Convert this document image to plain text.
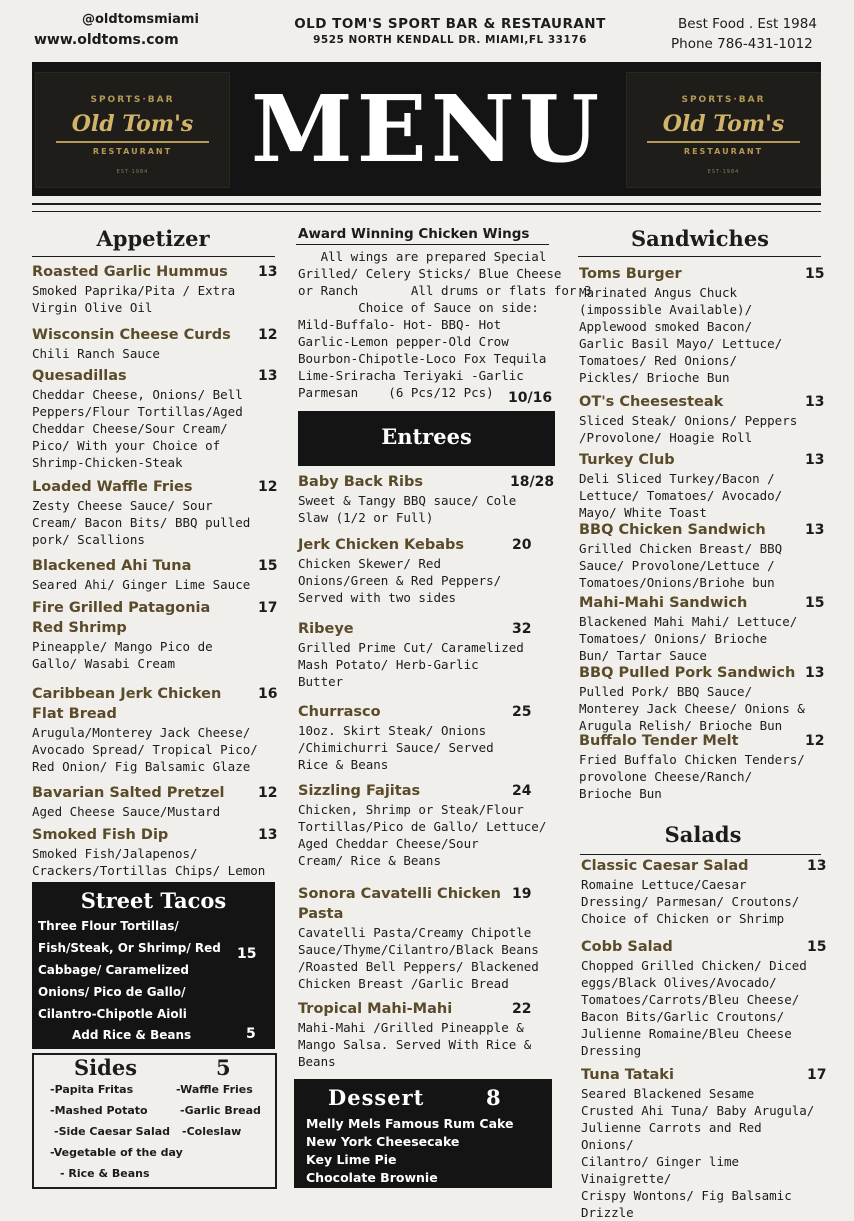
@oldtomsmiami
www.oldtoms.com
OLD TOM'S SPORT BAR & RESTAURANT
9525 NORTH KENDALL DR. MIAMI,FL 33176
Best Food . Est 1984
Phone 786-431-1012
SPORTS·BAR
Old Tom's
RESTAURANT
EST·1984	MENU	SPORTS·BAR
Old Tom's
RESTAURANT
EST·1984
Appetizer
Roasted Garlic Hummus
Smoked Paprika/Pita / Extra
Virgin Olive Oil
13
Wisconsin Cheese Curds
Chili Ranch Sauce
12
Quesadillas
Cheddar Cheese, Onions/ Bell
Peppers/Flour Tortillas/Aged
Cheddar Cheese/Sour Cream/
Pico/ With your Choice of
Shrimp-Chicken-Steak
13
Loaded Waffle Fries
Zesty Cheese Sauce/ Sour
Cream/ Bacon Bits/ BBQ pulled
pork/ Scallions
12
Blackened Ahi Tuna
Seared Ahi/ Ginger Lime Sauce
15
Fire Grilled Patagonia
Red Shrimp
Pineapple/ Mango Pico de
Gallo/ Wasabi Cream
17
Caribbean Jerk Chicken
Flat Bread
Arugula/Monterey Jack Cheese/
Avocado Spread/ Tropical Pico/
Red Onion/ Fig Balsamic Glaze
16
Bavarian Salted Pretzel
Aged Cheese Sauce/Mustard
12
Smoked Fish Dip
Smoked Fish/Jalapenos/
Crackers/Tortillas Chips/ Lemon
13
Street Tacos
Three Flour Tortillas/
Fish/Steak, Or Shrimp/ Red
Cabbage/ Caramelized
Onions/ Pico de Gallo/
Cilantro-Chipotle Aioli
15
Add Rice & Beans	5
Sides	5
-Papita Fritas	-Waffle Fries
-Mashed Potato	-Garlic Bread
-Side Caesar Salad -Coleslaw
-Vegetable of the day
- Rice & Beans
Award Winning Chicken Wings
All wings are prepared Special
Grilled/ Celery Sticks/ Blue Cheese
or Ranch       All drums or flats for 3
Choice of Sauce on side:
Mild-Buffalo- Hot- BBQ- Hot
Garlic-Lemon pepper-Old Crow
Bourbon-Chipotle-Loco Fox Tequila
Lime-Sriracha Teriyaki -Garlic
Parmesan    (6 Pcs/12 Pcs)	10/16
Entrees
Baby Back Ribs
Sweet & Tangy BBQ sauce/ Cole
Slaw (1/2 or Full)
18/28
Jerk Chicken Kebabs
Chicken Skewer/ Red
Onions/Green & Red Peppers/
Served with two sides
20
Ribeye
Grilled Prime Cut/ Caramelized
Mash Potato/ Herb-Garlic
Butter
32
Churrasco
10oz. Skirt Steak/ Onions
/Chimichurri Sauce/ Served
Rice & Beans
25
Sizzling Fajitas
Chicken, Shrimp or Steak/Flour
Tortillas/Pico de Gallo/ Lettuce/
Aged Cheddar Cheese/Sour
Cream/ Rice & Beans
24
Sonora Cavatelli Chicken
Pasta
Cavatelli Pasta/Creamy Chipotle
Sauce/Thyme/Cilantro/Black Beans
/Roasted Bell Peppers/ Blackened
Chicken Breast /Garlic Bread
19
Tropical Mahi-Mahi
Mahi-Mahi /Grilled Pineapple &
Mango Salsa. Served With Rice &
Beans
22
Dessert	8
Melly Mels Famous Rum Cake
New York Cheesecake
Key Lime Pie
Chocolate Brownie
Sandwiches
Toms Burger
Marinated Angus Chuck
(impossible Available)/
Applewood smoked Bacon/
Garlic Basil Mayo/ Lettuce/
Tomatoes/ Red Onions/
Pickles/ Brioche Bun
15
OT's Cheesesteak
Sliced Steak/ Onions/ Peppers
/Provolone/ Hoagie Roll
13
Turkey Club
Deli Sliced Turkey/Bacon /
Lettuce/ Tomatoes/ Avocado/
Mayo/ White Toast
13
BBQ Chicken Sandwich
Grilled Chicken Breast/ BBQ
Sauce/ Provolone/Lettuce /
Tomatoes/Onions/Briohe bun
13
Mahi-Mahi Sandwich
Blackened Mahi Mahi/ Lettuce/
Tomatoes/ Onions/ Brioche
Bun/ Tartar Sauce
15
BBQ Pulled Pork Sandwich
Pulled Pork/ BBQ Sauce/
Monterey Jack Cheese/ Onions &
Arugula Relish/ Brioche Bun
13
Buffalo Tender Melt
Fried Buffalo Chicken Tenders/
provolone Cheese/Ranch/
Brioche Bun
12
Salads
Classic Caesar Salad
Romaine Lettuce/Caesar
Dressing/ Parmesan/ Croutons/
Choice of Chicken or Shrimp
13
Cobb Salad
Chopped Grilled Chicken/ Diced
eggs/Black Olives/Avocado/
Tomatoes/Carrots/Bleu Cheese/
Bacon Bits/Garlic Croutons/
Julienne Romaine/Bleu Cheese
Dressing
15
Tuna Tataki
Seared Blackened Sesame
Crusted Ahi Tuna/ Baby Arugula/
Julienne Carrots and Red Onions/
Cilantro/ Ginger lime Vinaigrette/
Crispy Wontons/ Fig Balsamic
Drizzle
17
